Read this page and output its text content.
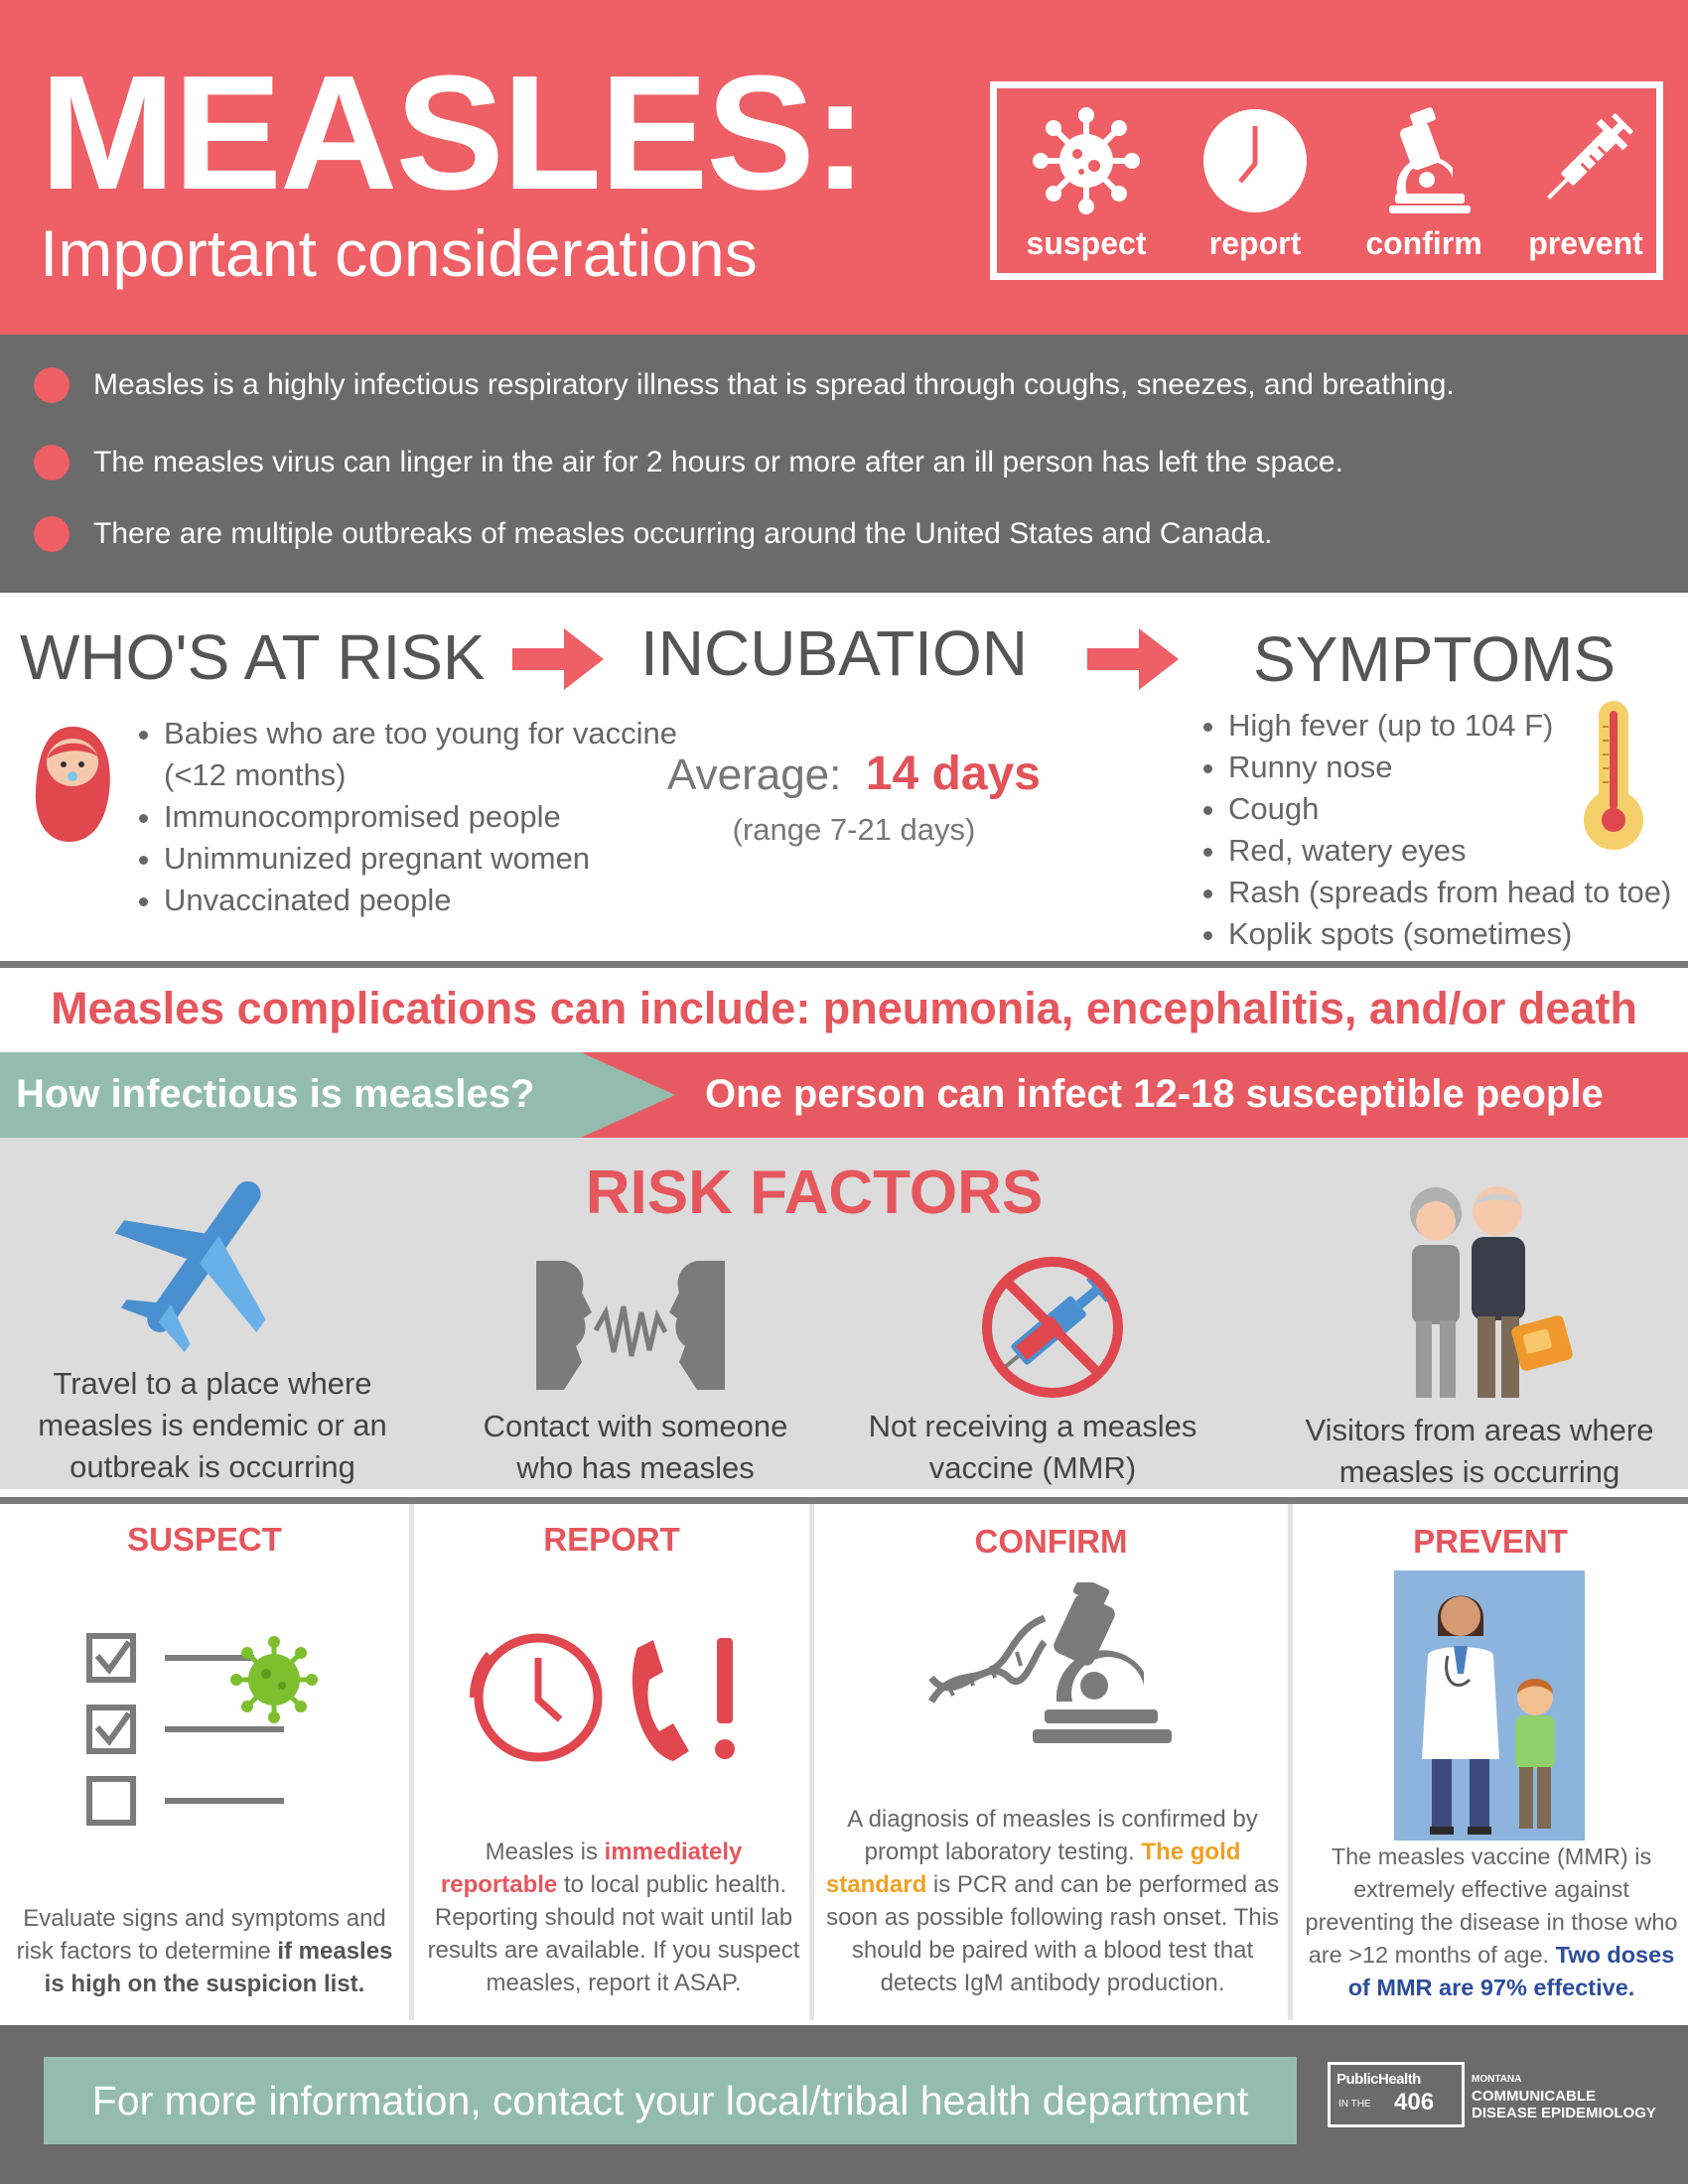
MEASLES:
Important considerations	suspect	report	confirm	prevent
Measles is a highly infectious respiratory illness that is spread through coughs, sneezes, and breathing.
The measles virus can linger in the air for 2 hours or more after an ill person has left the space.
There are multiple outbreaks of measles occurring around the United States and Canada.
WHO'S AT RISK INCUBATION	SYMPTOMS
• Babies who are too young for vaccine (<12 months)
• Immunocompromised people
• Unimmunized pregnant women
• Unvaccinated people
Average: 14 days
(range 7-21 days)
• High fever (up to 104 F)
• Runny nose
• Cough
• Red, watery eyes
• Rash (spreads from head to toe)
• Koplik spots (sometimes)
Measles complications can include: pneumonia, encephalitis, and/or death
How infectious is measles?	One person can infect 12-18 susceptible people
RISK FACTORS
Travel to a place where measles is endemic or an outbreak is occurring
Contact with someone who has measles
Not receiving a measles vaccine (MMR)
Visitors from areas where measles is occurring
SUSPECT
Evaluate signs and symptoms and risk factors to determine if measles is high on the suspicion list.
REPORT
Measles is immediately reportable to local public health. Reporting should not wait until lab results are available. If you suspect measles, report it ASAP.
CONFIRM
A diagnosis of measles is confirmed by prompt laboratory testing. The gold standard is PCR and can be performed as soon as possible following rash onset. This should be paired with a blood test that detects IgM antibody production.
PREVENT
The measles vaccine (MMR) is extremely effective against preventing the disease in those who are >12 months of age. Two doses of MMR are 97% effective.
For more information, contact your local/tribal health department	PublicHealth
IN THE 406
MONTANA
COMMUNICABLE
DISEASE EPIDEMIOLOGY
